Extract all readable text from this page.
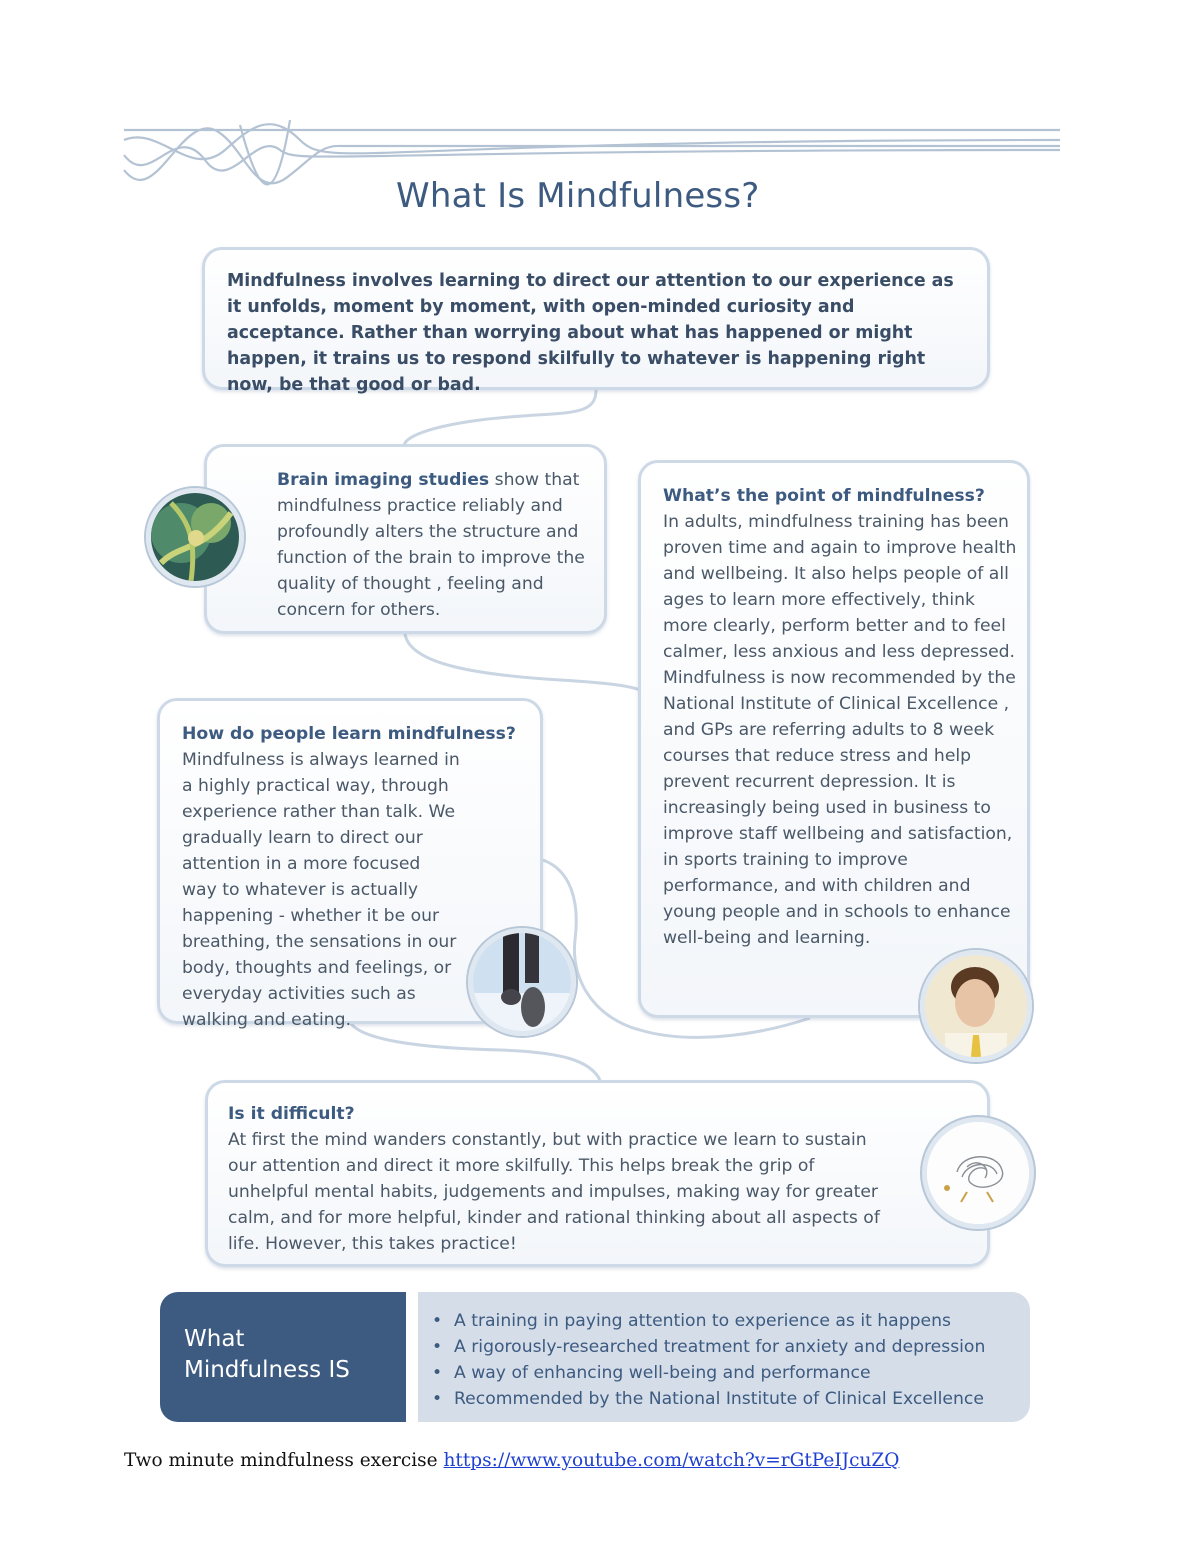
What Is Mindfulness?

Mindfulness involves learning to direct our attention to our experience as it unfolds, moment by moment, with open-minded curiosity and acceptance. Rather than worrying about what has happened or might happen, it trains us to respond skilfully to whatever is happening right now, be that good or bad.

Brain imaging studies show that mindfulness practice reliably and profoundly alters the structure and function of the brain to improve the quality of thought , feeling and concern for others.

What’s the point of mindfulness?

In adults, mindfulness training has been proven time and again to improve health and wellbeing. It also helps people of all ages to learn more effectively, think more clearly, perform better and to feel calmer, less anxious and less depressed. Mindfulness is now recommended by the National Institute of Clinical Excellence , and GPs are referring adults to 8 week courses that reduce stress and help prevent recurrent depression. It is increasingly being used in business to improve staff wellbeing and satisfaction, in sports training to improve performance, and with children and young people and in schools to enhance well-being and learning.

How do people learn mindfulness?

Mindfulness is always learned in a highly practical way, through experience rather than talk. We gradually learn to direct our attention in a more focused way to whatever is actually happening - whether it be our breathing, the sensations in our body, thoughts and feelings, or everyday activities such as walking and eating.

Is it difficult?

At first the mind wanders constantly, but with practice we learn to sustain our attention and direct it more skilfully. This helps break the grip of unhelpful mental habits, judgements and impulses, making way for greater calm, and for more helpful, kinder and rational thinking about all aspects of life. However, this takes practice!

What
Mindfulness IS
• A training in paying attention to experience as it happens
• A rigorously-researched treatment for anxiety and depression
• A way of enhancing well-being and performance
• Recommended by the National Institute of Clinical Excellence
Two minute mindfulness exercise https://www.youtube.com/watch?v=rGtPeIJcuZQ
